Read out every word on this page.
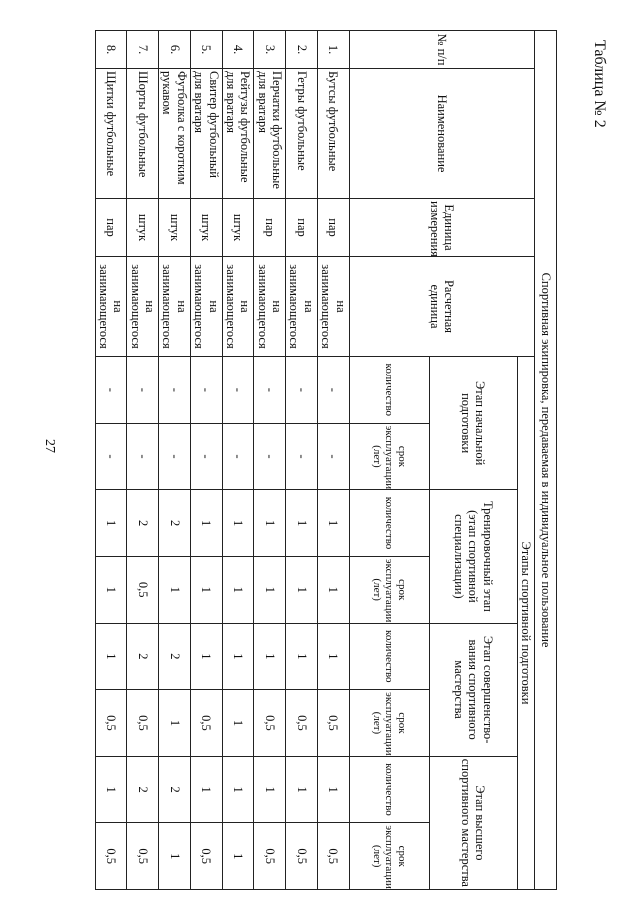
27
Таблица № 2
Спортивная экипировка, передаваемая в индивидуальное пользование											
№ п/п	Наименование	Единица измерения	Расчетная единица	Этапы спортивной подготовки							
				Этап начальной подготовки		Тренировочный этап (этап спортивной специализации)		Этап совершенство-вания спортивного мастерства		Этап высшего спортивного мастерства	
				количество	срок эксплуатации (лет)	количество	срок эксплуатации (лет)	количество	срок эксплуатации (лет)	количество	срок эксплуатации (лет)
1.	Бутсы футбольные	пар	на занимающегося	-	-	1	1	1	0,5	1	0,5
2.	Гетры футбольные	пар	на занимающегося	-	-	1	1	1	0,5	1	0,5
3.	Перчатки футбольные для вратаря	пар	на занимающегося	-	-	1	1	1	0,5	1	0,5
4.	Рейтузы футбольные для вратаря	штук	на занимающегося	-	-	1	1	1	1	1	1
5.	Свитер футбольный для вратаря	штук	на занимающегося	-	-	1	1	1	0,5	1	0,5
6.	Футболка с коротким рукавом	штук	на занимающегося	-	-	2	1	2	1	2	1
7.	Шорты футбольные	штук	на занимающегося	-	-	2	0,5	2	0,5	2	0,5
8.	Щитки футбольные	пар	на занимающегося	-	-	1	1	1	0,5	1	0,5
